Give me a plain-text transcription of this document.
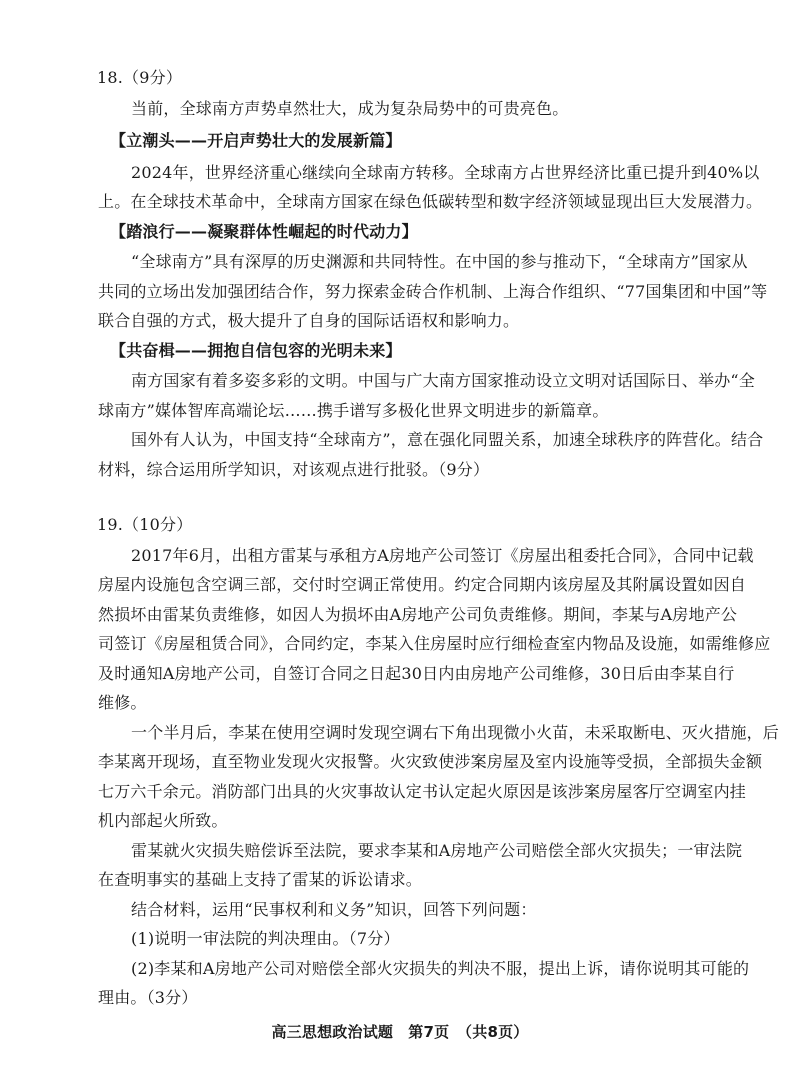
18.（9分）
当前，全球南方声势卓然壮大，成为复杂局势中的可贵亮色。
【立潮头——开启声势壮大的发展新篇】
2024年，世界经济重心继续向全球南方转移。全球南方占世界经济比重已提升到40%以
上。在全球技术革命中，全球南方国家在绿色低碳转型和数字经济领域显现出巨大发展潜力。
【踏浪行——凝聚群体性崛起的时代动力】
“全球南方”具有深厚的历史渊源和共同特性。在中国的参与推动下，“全球南方”国家从
共同的立场出发加强团结合作，努力探索金砖合作机制、上海合作组织、“77国集团和中国”等
联合自强的方式，极大提升了自身的国际话语权和影响力。
【共奋楫——拥抱自信包容的光明未来】
南方国家有着多姿多彩的文明。中国与广大南方国家推动设立文明对话国际日、举办“全
球南方”媒体智库高端论坛……携手谱写多极化世界文明进步的新篇章。
国外有人认为，中国支持“全球南方”，意在强化同盟关系，加速全球秩序的阵营化。结合
材料，综合运用所学知识，对该观点进行批驳。（9分）
19.（10分）
2017年6月，出租方雷某与承租方A房地产公司签订《房屋出租委托合同》，合同中记载
房屋内设施包含空调三部，交付时空调正常使用。约定合同期内该房屋及其附属设置如因自
然损坏由雷某负责维修，如因人为损坏由A房地产公司负责维修。期间，李某与A房地产公
司签订《房屋租赁合同》，合同约定，李某入住房屋时应行细检查室内物品及设施，如需维修应
及时通知A房地产公司，自签订合同之日起30日内由房地产公司维修，30日后由李某自行
维修。
一个半月后，李某在使用空调时发现空调右下角出现微小火苗，未采取断电、灭火措施，后
李某离开现场，直至物业发现火灾报警。火灾致使涉案房屋及室内设施等受损，全部损失金额
七万六千余元。消防部门出具的火灾事故认定书认定起火原因是该涉案房屋客厅空调室内挂
机内部起火所致。
雷某就火灾损失赔偿诉至法院，要求李某和A房地产公司赔偿全部火灾损失；一审法院
在查明事实的基础上支持了雷某的诉讼请求。
结合材料，运用“民事权利和义务”知识，回答下列问题：
(1)说明一审法院的判决理由。（7分）
(2)李某和A房地产公司对赔偿全部火灾损失的判决不服，提出上诉，请你说明其可能的
理由。（3分）
高三思想政治试题　第7页　（共8页）
